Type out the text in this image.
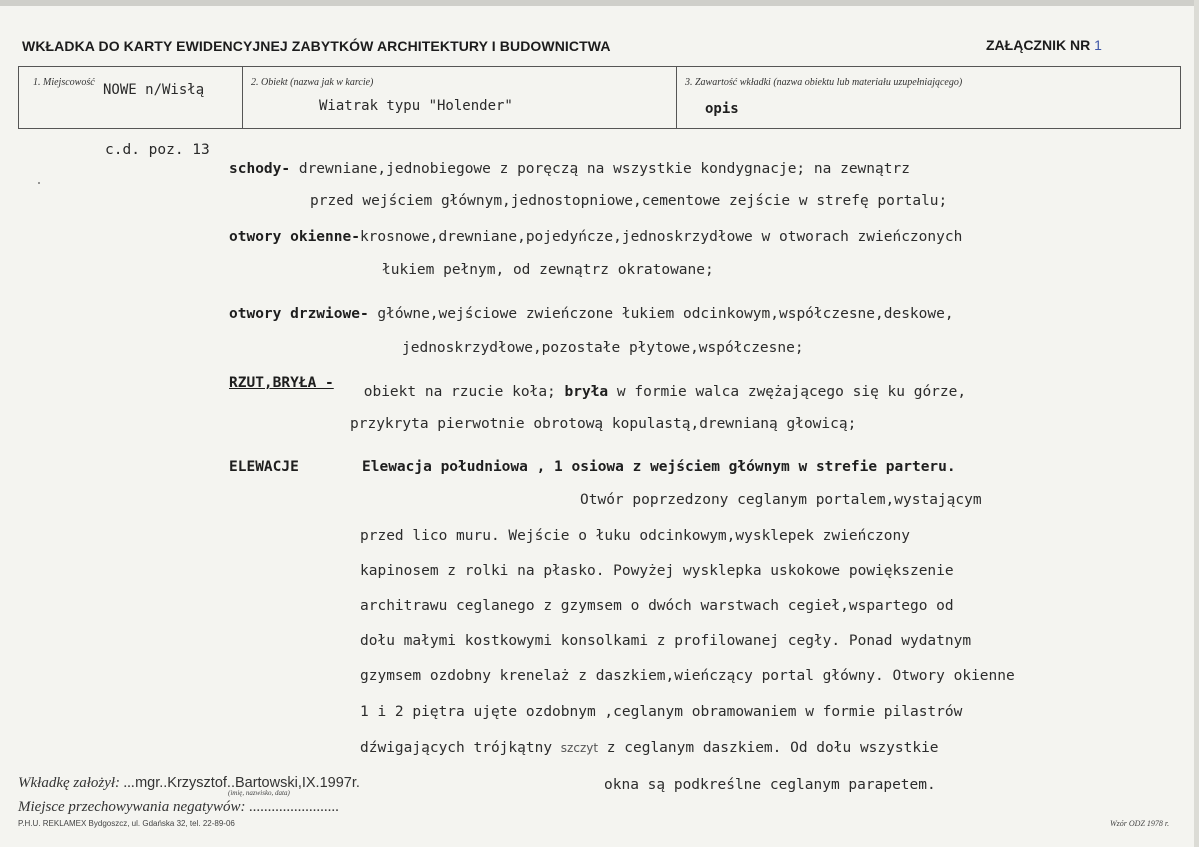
WKŁADKA DO KARTY EWIDENCYJNEJ ZABYTKÓW ARCHITEKTURY I BUDOWNICTWA	ZAŁĄCZNIK NR 1
1. Miejscowość NOWE n/Wisłą	2. Obiekt (nazwa jak w karcie)
Wiatrak typu "Holender"
3. Zawartość wkładki (nazwa obiektu lub materiału uzupełniającego)
opis
c.d. poz. 13
schody- drewniane,jednobiegowe z poręczą na wszystkie kondygnacje; na zewnątrz
przed wejściem głównym,jednostopniowe,cementowe zejście w strefę portalu;
otwory okienne-krosnowe,drewniane,pojedyńcze,jednoskrzydłowe w otworach zwieńczonych
łukiem pełnym, od zewnątrz okratowane;
otwory drzwiowe- główne,wejściowe zwieńczone łukiem odcinkowym,współczesne,deskowe,
jednoskrzydłowe,pozostałe płytowe,współczesne;
RZUT,BRYŁA -
obiekt na rzucie koła; bryła w formie walca zwężającego się ku górze,
przykryta pierwotnie obrotową kopulastą,drewnianą głowicą;
ELEWACJE	Elewacja południowa , 1 osiowa z wejściem głównym w strefie parteru.
Otwór poprzedzony ceglanym portalem,wystającym
przed lico muru. Wejście o łuku odcinkowym,wysklepek zwieńczony
kapinosem z rolki na płasko. Powyżej wysklepka uskokowe powiększenie
architrawu ceglanego z gzymsem o dwóch warstwach cegieł,wspartego od
dołu małymi kostkowymi konsolkami z profilowanej cegły. Ponad wydatnym
gzymsem ozdobny krenelaż z daszkiem,wieńczący portal główny. Otwory okienne
1 i 2 piętra ujęte ozdobnym ,ceglanym obramowaniem w formie pilastrów
dźwigających trójkątny szczyt z ceglanym daszkiem. Od dołu wszystkie
okna są podkreślne ceglanym parapetem.
Wkładkę założył: ...mgr..Krzysztof..Bartowski,IX.1997r.
(imię, nazwisko, data)
Miejsce przechowywania negatywów: ........................
P.H.U. REKLAMEX Bydgoszcz, ul. Gdańska 32, tel. 22-89-06	Wzór ODZ 1978 r.
